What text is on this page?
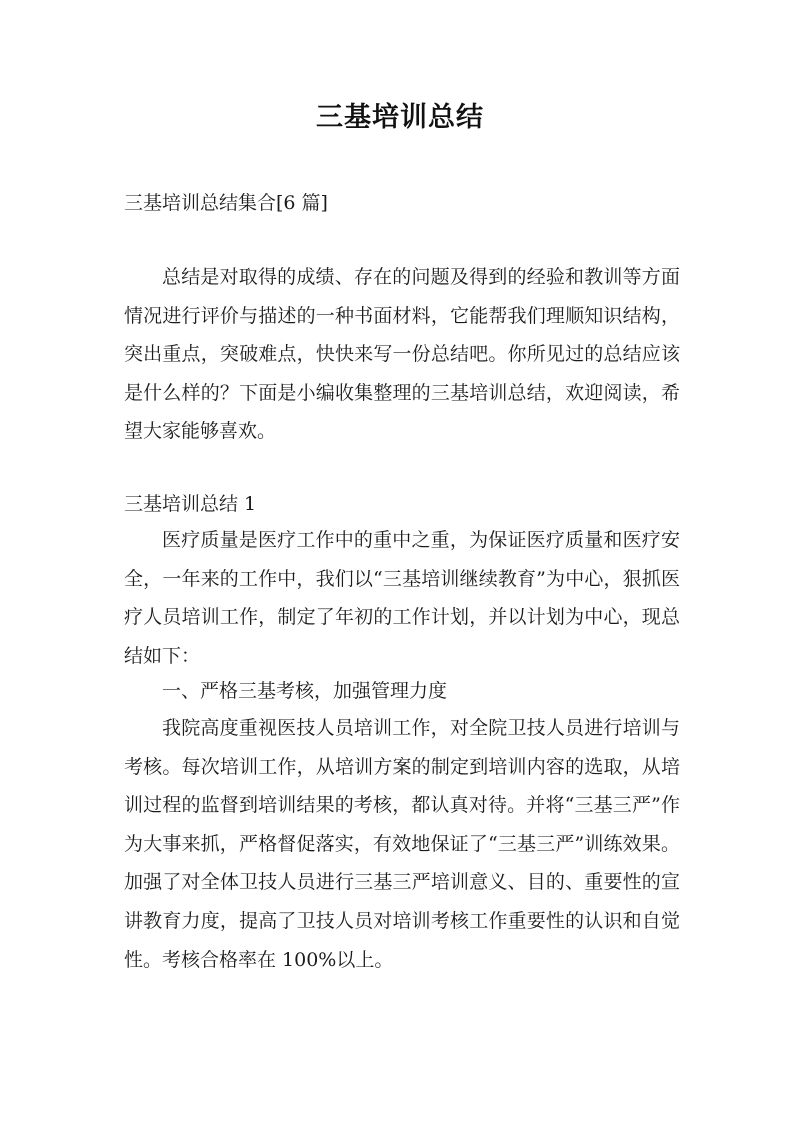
三基培训总结
三基培训总结集合[6 篇]

总结是对取得的成绩、存在的问题及得到的经验和教训等方面情况进行评价与描述的一种书面材料，它能帮我们理顺知识结构，突出重点，突破难点，快快来写一份总结吧。你所见过的总结应该是什么样的？下面是小编收集整理的三基培训总结，欢迎阅读，希望大家能够喜欢。

三基培训总结 1

医疗质量是医疗工作中的重中之重，为保证医疗质量和医疗安全，一年来的工作中，我们以“三基培训继续教育”为中心，狠抓医疗人员培训工作，制定了年初的工作计划，并以计划为中心，现总结如下：

一、严格三基考核，加强管理力度

我院高度重视医技人员培训工作，对全院卫技人员进行培训与考核。每次培训工作，从培训方案的制定到培训内容的选取，从培训过程的监督到培训结果的考核，都认真对待。并将“三基三严”作为大事来抓，严格督促落实，有效地保证了“三基三严”训练效果。加强了对全体卫技人员进行三基三严培训意义、目的、重要性的宣讲教育力度，提高了卫技人员对培训考核工作重要性的认识和自觉性。考核合格率在 100%以上。
